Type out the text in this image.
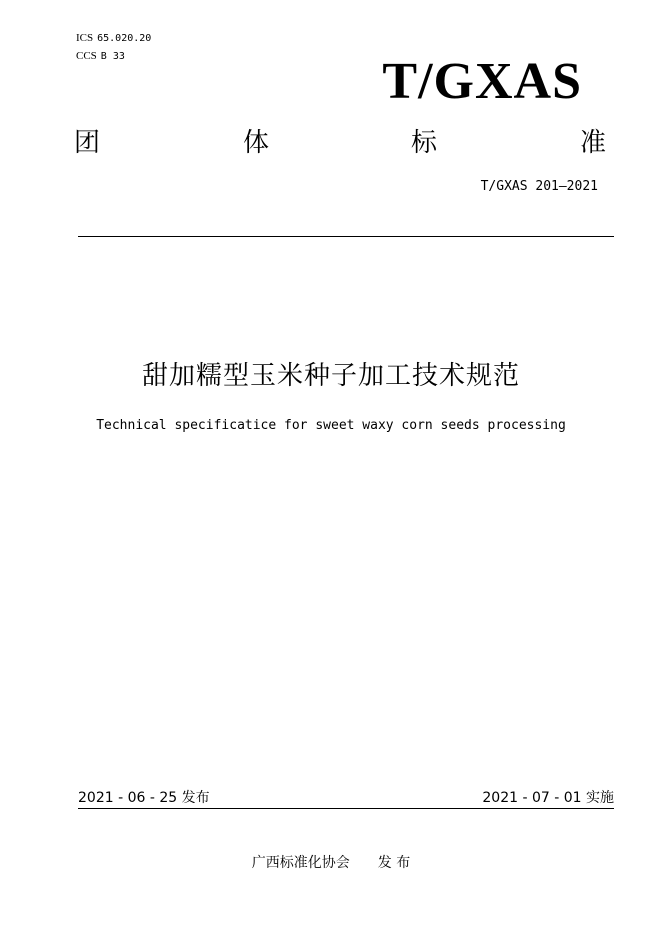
ICS 65.020.20
CCS B 33	T/GXAS
团	体	标	准
T/GXAS 201—2021
甜加糯型玉米种子加工技术规范
Technical specificatice for sweet waxy corn seeds processing
2021 - 06 - 25 发布	2021 - 07 - 01 实施
广西标准化协会　　发 布
